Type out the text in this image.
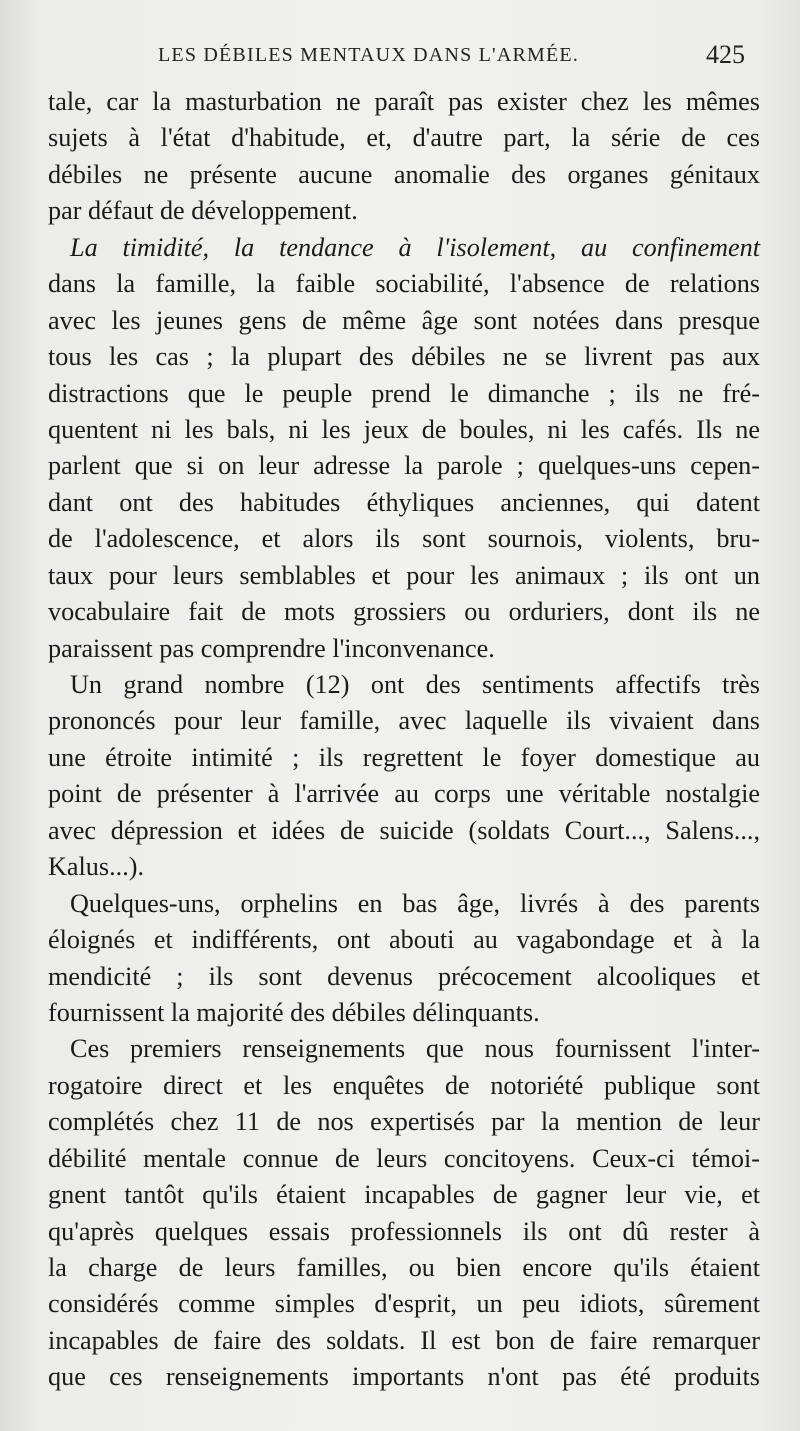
LES DÉBILES MENTAUX DANS L'ARMÉE.	425
tale, car la masturbation ne paraît pas exister chez les mêmes
sujets à l'état d'habitude, et, d'autre part, la série de ces
débiles ne présente aucune anomalie des organes génitaux
par défaut de développement.
La timidité, la tendance à l'isolement, au confinement
dans la famille, la faible sociabilité, l'absence de relations
avec les jeunes gens de même âge sont notées dans presque
tous les cas ; la plupart des débiles ne se livrent pas aux
distractions que le peuple prend le dimanche ; ils ne fré-
quentent ni les bals, ni les jeux de boules, ni les cafés. Ils ne
parlent que si on leur adresse la parole ; quelques-uns cepen-
dant ont des habitudes éthyliques anciennes, qui datent
de l'adolescence, et alors ils sont sournois, violents, bru-
taux pour leurs semblables et pour les animaux ; ils ont un
vocabulaire fait de mots grossiers ou orduriers, dont ils ne
paraissent pas comprendre l'inconvenance.
Un grand nombre (12) ont des sentiments affectifs très
prononcés pour leur famille, avec laquelle ils vivaient dans
une étroite intimité ; ils regrettent le foyer domestique au
point de présenter à l'arrivée au corps une véritable nostalgie
avec dépression et idées de suicide (soldats Court..., Salens...,
Kalus...).
Quelques-uns, orphelins en bas âge, livrés à des parents
éloignés et indifférents, ont abouti au vagabondage et à la
mendicité ; ils sont devenus précocement alcooliques et
fournissent la majorité des débiles délinquants.
Ces premiers renseignements que nous fournissent l'inter-
rogatoire direct et les enquêtes de notoriété publique sont
complétés chez 11 de nos expertisés par la mention de leur
débilité mentale connue de leurs concitoyens. Ceux-ci témoi-
gnent tantôt qu'ils étaient incapables de gagner leur vie, et
qu'après quelques essais professionnels ils ont dû rester à
la charge de leurs familles, ou bien encore qu'ils étaient
considérés comme simples d'esprit, un peu idiots, sûrement
incapables de faire des soldats. Il est bon de faire remarquer
que ces renseignements importants n'ont pas été produits
